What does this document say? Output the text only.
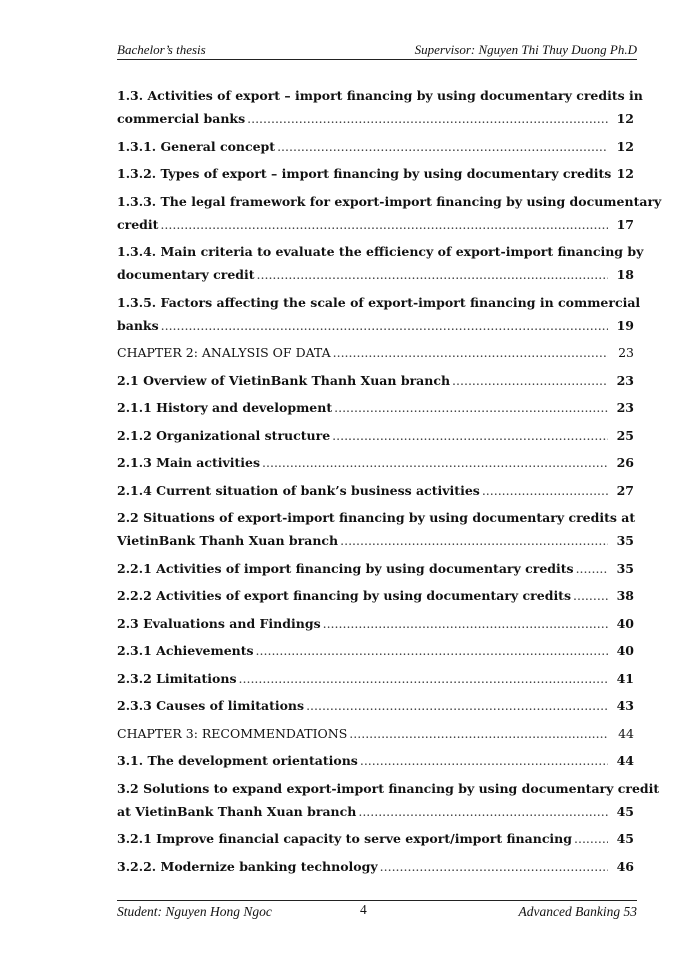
Bachelor’s thesis	Supervisor: Nguyen Thi Thuy Duong Ph.D
1.3. Activities of export – import financing by using documentary credits in
commercial banks .....	12
1.3.1. General concept .....	12
1.3.2. Types of export – import financing by using documentary credits 12
1.3.3. The legal framework for export-import financing by using documentary
credit .....	17
1.3.4. Main criteria to evaluate the efficiency of export-import financing by
documentary credit .....	18
1.3.5. Factors affecting the scale of export-import financing in commercial
banks .....	19
CHAPTER 2: ANALYSIS OF DATA .....	23
2.1 Overview of VietinBank Thanh Xuan branch .....	23
2.1.1 History and development .....	23
2.1.2 Organizational structure .....	25
2.1.3 Main activities .....	26
2.1.4 Current situation of bank’s business activities .....	27
2.2 Situations of export-import financing by using documentary credits at
VietinBank Thanh Xuan branch .....	35
2.2.1 Activities of import financing by using documentary credits .....	35
2.2.2 Activities of export financing by using documentary credits .....	38
2.3 Evaluations and Findings .....	40
2.3.1 Achievements .....	40
2.3.2 Limitations .....	41
2.3.3 Causes of limitations .....	43
CHAPTER 3: RECOMMENDATIONS .....	44
3.1. The development orientations .....	44
3.2 Solutions to expand export-import financing by using documentary credit
at VietinBank Thanh Xuan branch .....	45
3.2.1 Improve financial capacity to serve export/import financing .....	45
3.2.2. Modernize banking technology .....	46
Student: Nguyen Hong Ngoc	4	Advanced Banking 53
